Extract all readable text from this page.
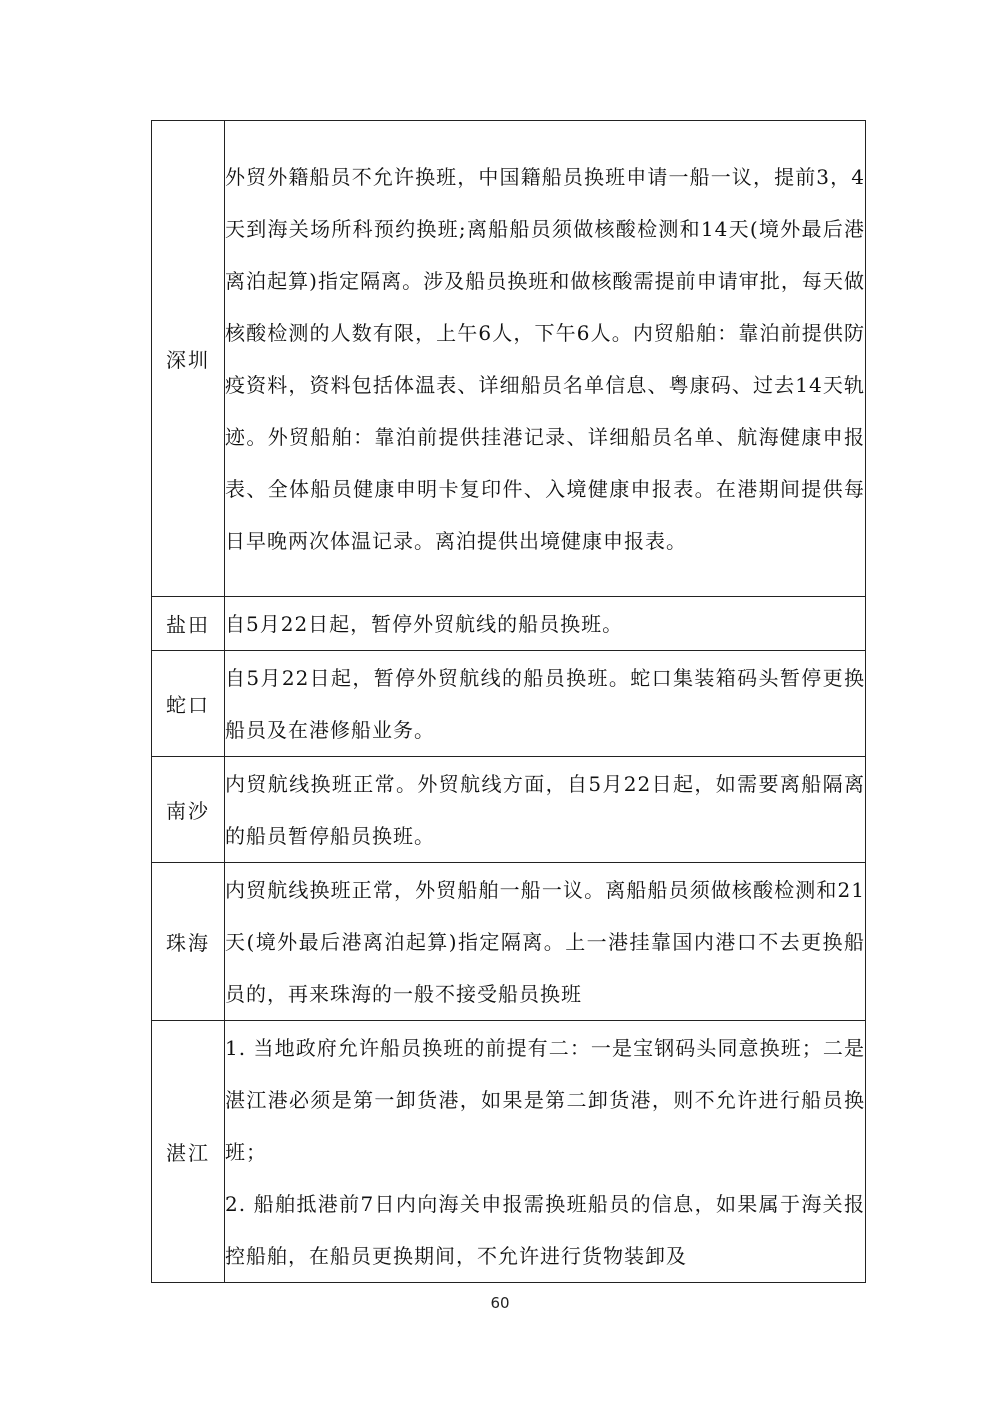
深圳	外贸外籍船员不允许换班，中国籍船员换班申请一船一议，提前3，4天到海关场所科预约换班;离船船员须做核酸检测和14天(境外最后港离泊起算)指定隔离。涉及船员换班和做核酸需提前申请审批，每天做核酸检测的人数有限，上午6人，下午6人。内贸船舶：靠泊前提供防疫资料，资料包括体温表、详细船员名单信息、粤康码、过去14天轨迹。外贸船舶：靠泊前提供挂港记录、详细船员名单、航海健康申报表、全体船员健康申明卡复印件、入境健康申报表。在港期间提供每日早晚两次体温记录。离泊提供出境健康申报表。

盐田	自5月22日起，暂停外贸航线的船员换班。

蛇口	自5月22日起，暂停外贸航线的船员换班。蛇口集装箱码头暂停更换船员及在港修船业务。

南沙	内贸航线换班正常。外贸航线方面，自5月22日起，如需要离船隔离的船员暂停船员换班。

珠海	内贸航线换班正常，外贸船舶一船一议。离船船员须做核酸检测和21天(境外最后港离泊起算)指定隔离。上一港挂靠国内港口不去更换船员的，再来珠海的一般不接受船员换班

湛江	1. 当地政府允许船员换班的前提有二：一是宝钢码头同意换班；二是湛江港必须是第一卸货港，如果是第二卸货港，则不允许进行船员换班；
2. 船舶抵港前7日内向海关申报需换班船员的信息，如果属于海关报控船舶，在船员更换期间，不允许进行货物装卸及
60
